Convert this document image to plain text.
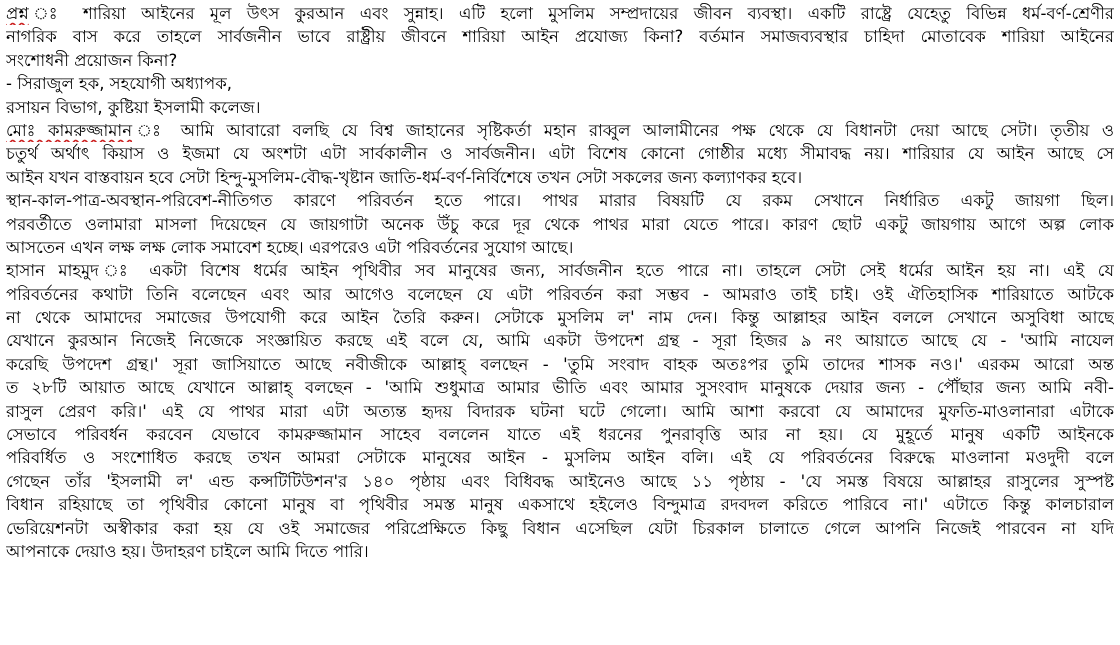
প্রশ্ন ঃ শারিয়া আইনের মূল উৎস কুরআন এবং সুন্নাহ। এটি হলো মুসলিম সম্প্রদায়ের জীবন ব্যবস্থা। একটি রাষ্ট্রে যেহেতু বিভিন্ন ধর্ম-বর্ণ-শ্রেণীর
নাগরিক বাস করে তাহলে সার্বজনীন ভাবে রাষ্ট্রীয় জীবনে শারিয়া আইন প্রযোজ্য কিনা? বর্তমান সমাজব্যবস্থার চাহিদা মোতাবেক শারিয়া আইনের
সংশোধনী প্রয়োজন কিনা?
- সিরাজুল হক, সহযোগী অধ্যাপক,
রসায়ন বিভাগ, কুষ্টিয়া ইসলামী কলেজ।
মোঃ কামরুজ্জামান ঃ আমি আবারো বলছি যে বিশ্ব জাহানের সৃষ্টিকর্তা মহান রাব্বুল আলামীনের পক্ষ থেকে যে বিধানটা দেয়া আছে সেটা। তৃতীয় ও
চতুর্থ অর্থাৎ কিয়াস ও ইজমা যে অংশটা এটা সার্বকালীন ও সার্বজনীন। এটা বিশেষ কোনো গোষ্ঠীর মধ্যে সীমাবদ্ধ নয়। শারিয়ার যে আইন আছে সে
আইন যখন বাস্তবায়ন হবে সেটা হিন্দু-মুসলিম-বৌদ্ধ-খৃষ্টান জাতি-ধর্ম-বর্ণ-নির্বিশেষে তখন সেটা সকলের জন্য কল্যাণকর হবে।
স্থান-কাল-পাত্র-অবস্থান-পরিবেশ-নীতিগত কারণে পরিবর্তন হতে পারে। পাথর মারার বিষয়টি যে রকম সেখানে নির্ধারিত একটু জায়গা ছিল।
পরবর্তীতে ওলামারা মাসলা দিয়েছেন যে জায়গাটা অনেক উঁচু করে দূর থেকে পাথর মারা যেতে পারে। কারণ ছোট একটু জায়গায় আগে অল্প লোক
আসতেন এখন লক্ষ লক্ষ লোক সমাবেশ হচ্ছে। এরপরেও এটা পরিবর্তনের সুযোগ আছে।
হাসান মাহমুদ ঃ একটা বিশেষ ধর্মের আইন পৃথিবীর সব মানুষের জন্য, সার্বজনীন হতে পারে না। তাহলে সেটা সেই ধর্মের আইন হয় না। এই যে
পরিবর্তনের কথাটা তিনি বলেছেন এবং আর আগেও বলেছেন যে এটা পরিবর্তন করা সম্ভব - আমরাও তাই চাই। ওই ঐতিহাসিক শারিয়াতে আটকে
না থেকে আমাদের সমাজের উপযোগী করে আইন তৈরি করুন। সেটাকে মুসলিম ল' নাম দেন। কিন্তু আল্লাহর আইন বললে সেখানে অসুবিধা আছে
যেখানে কুরআন নিজেই নিজেকে সংজ্ঞায়িত করছে এই বলে যে, আমি একটা উপদেশ গ্রন্থ - সূরা হিজর ৯ নং আয়াতে আছে যে - 'আমি নাযেল
করেছি উপদেশ গ্রন্থ।' সূরা জাসিয়াতে আছে নবীজীকে আল্লাহ্ বলছেন - 'তুমি সংবাদ বাহক অতঃপর তুমি তাদের শাসক নও।' এরকম আরো অন্ত
ত ২৮টি আয়াত আছে যেখানে আল্লাহ্ বলছেন - 'আমি শুধুমাত্র আমার ভীতি এবং আমার সুসংবাদ মানুষকে দেয়ার জন্য - পৌঁছার জন্য আমি নবী-
রাসুল প্রেরণ করি।' এই যে পাথর মারা এটা অত্যন্ত হৃদয় বিদারক ঘটনা ঘটে গেলো। আমি আশা করবো যে আমাদের মুফতি-মাওলানারা এটাকে
সেভাবে পরিবর্ধন করবেন যেভাবে কামরুজ্জামান সাহেব বললেন যাতে এই ধরনের পুনরাবৃত্তি আর না হয়। যে মুহূর্তে মানুষ একটি আইনকে
পরিবর্ধিত ও সংশোধিত করছে তখন আমরা সেটাকে মানুষের আইন - মুসলিম আইন বলি। এই যে পরিবর্তনের বিরুদ্ধে মাওলানা মওদুদী বলে
গেছেন তাঁর 'ইসলামী ল' এন্ড কন্সটিটিউশন'র ১৪০ পৃষ্ঠায় এবং বিধিবদ্ধ আইনেও আছে ১১ পৃষ্ঠায় - 'যে সমস্ত বিষয়ে আল্লাহর রাসুলের সুস্পষ্ট
বিধান রহিয়াছে তা পৃথিবীর কোনো মানুষ বা পৃথিবীর সমস্ত মানুষ একসাথে হইলেও বিন্দুমাত্র রদবদল করিতে পারিবে না।' এটাতে কিন্তু কালচারাল
ভেরিয়েশনটা অস্বীকার করা হয় যে ওই সমাজের পরিপ্রেক্ষিতে কিছু বিধান এসেছিল যেটা চিরকাল চালাতে গেলে আপনি নিজেই পারবেন না যদি
আপনাকে দেয়াও হয়। উদাহরণ চাইলে আমি দিতে পারি।
